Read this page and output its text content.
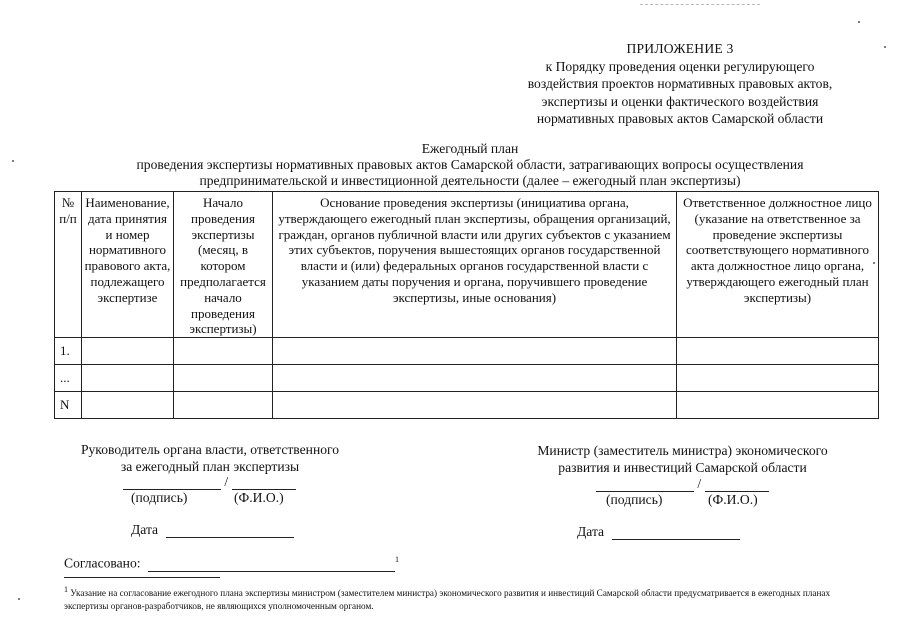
ПРИЛОЖЕНИЕ 3
к Порядку проведения оценки регулирующего
воздействия проектов нормативных правовых актов,
экспертизы и оценки фактического воздействия
нормативных правовых актов Самарской области
Ежегодный план
проведения экспертизы нормативных правовых актов Самарской области, затрагивающих вопросы осуществления
предпринимательской и инвестиционной деятельности (далее – ежегодный план экспертизы)
№ п/п	Наименование, дата принятия и номер нормативного правового акта, подлежащего экспертизе	Начало проведения экспертизы (месяц, в котором предполагается начало проведения экспертизы)	Основание проведения экспертизы (инициатива органа, утверждающего ежегодный план экспертизы, обращения организаций, граждан, органов публичной власти или других субъектов с указанием этих субъектов, поручения вышестоящих органов государственной власти и (или) федеральных органов государственной власти с указанием даты поручения и органа, поручившего проведение экспертизы, иные основания)	Ответственное должностное лицо (указание на ответственное за проведение экспертизы соответствующего нормативного акта должностное лицо органа, утверждающего ежегодный план экспертизы)
1.				
...				
N				
Руководитель органа власти, ответственного
за ежегодный план экспертизы
/
(подпись)	(Ф.И.О.)
Дата
Министр (заместитель министра) экономического
развития и инвестиций Самарской области
/
(подпись)	(Ф.И.О.)
Дата
Согласовано:	$^1$
$^1$ Указание на согласование ежегодного плана экспертизы министром (заместителем министра) экономического развития и инвестиций Самарской области предусматривается в ежегодных планах экспертизы органов-разработчиков, не являющихся уполномоченным органом.
